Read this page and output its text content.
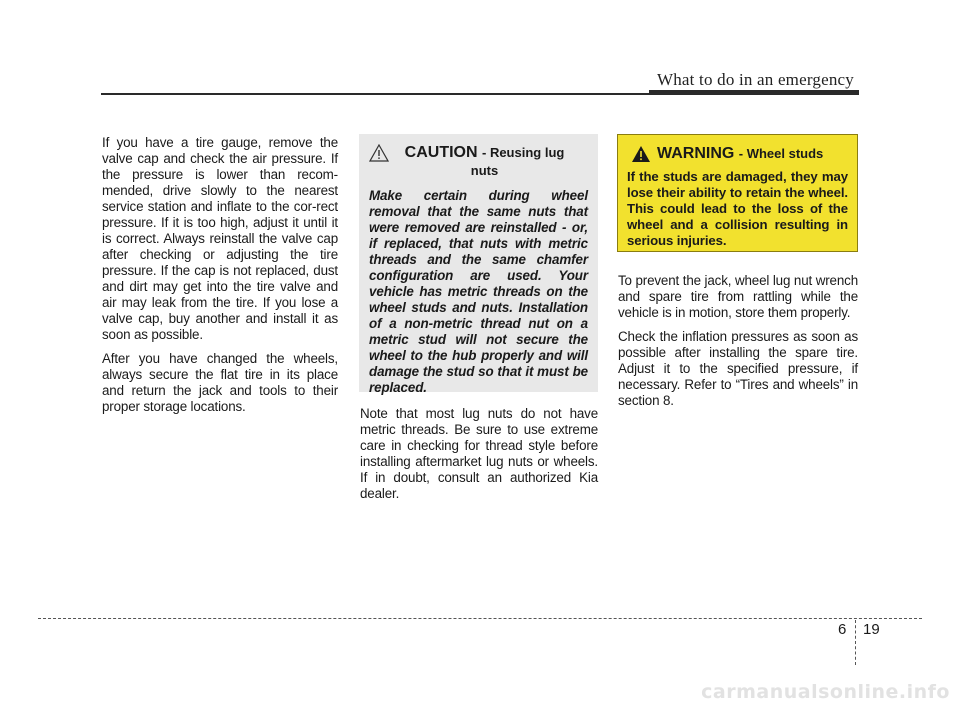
What to do in an emergency

If you have a tire gauge, remove the valve cap and check the air pressure. If the pressure is lower than recom-mended, drive slowly to the nearest service station and inflate to the cor-rect pressure. If it is too high, adjust it until it is correct. Always reinstall the valve cap after checking or adjusting the tire pressure. If the cap is not replaced, dust and dirt may get into the tire valve and air may leak from the tire. If you lose a valve cap, buy another and install it as soon as possible.

After you have changed the wheels, always secure the flat tire in its place and return the jack and tools to their proper storage locations.

CAUTION - Reusing lug nuts
Make certain during wheel removal that the same nuts that were removed are reinstalled - or, if replaced, that nuts with metric threads and the same chamfer configuration are used. Your vehicle has metric threads on the wheel studs and nuts. Installation of a non-metric thread nut on a metric stud will not secure the wheel to the hub properly and will damage the stud so that it must be replaced.

Note that most lug nuts do not have metric threads. Be sure to use extreme care in checking for thread style before installing aftermarket lug nuts or wheels. If in doubt, consult an authorized Kia dealer.

WARNING - Wheel studs
If the studs are damaged, they may lose their ability to retain the wheel. This could lead to the loss of the wheel and a collision resulting in serious injuries.

To prevent the jack, wheel lug nut wrench and spare tire from rattling while the vehicle is in motion, store them properly.

Check the inflation pressures as soon as possible after installing the spare tire. Adjust it to the specified pressure, if necessary. Refer to “Tires and wheels” in section 8.

6 19
carmanualsonline.info
